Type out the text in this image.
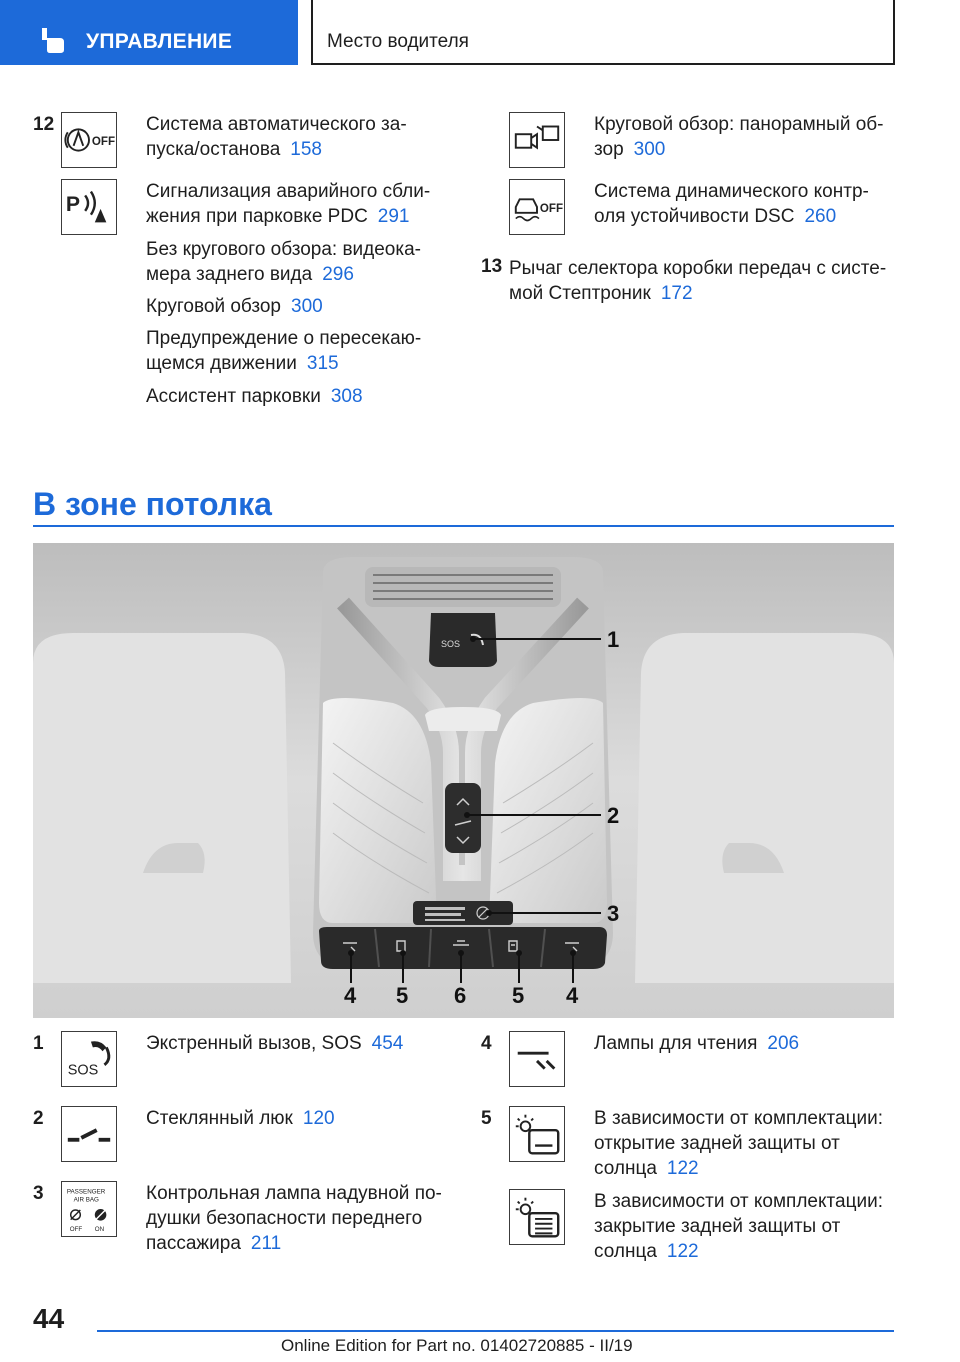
УПРАВЛЕНИЕ	Место водителя
12
OFF
Система автоматического за-
пуска/останова 158
P
Сигнализация аварийного сбли-
жения при парковке PDC 291
Без кругового обзора: видеока-
мера заднего вида 296
Круговой обзор 300
Предупреждение о пересекаю-
щемся движении 315
Ассистент парковки 308
Круговой обзор: панорамный об-
зор 300
OFF
Система динамического контр-
оля устойчивости DSC 260
13 Рычаг селектора коробки передач с систе-
мой Стептроник 172
В зоне потолка
SOS	1
2
3
4 5 6 5 4
1
SOS
Экстренный вызов, SOS 454
2	Стеклянный люк 120
3	PASSENGER
AIR BAG
OFF ON
Контрольная лампа надувной по-
душки безопасности переднего
пассажира 211
4	Лампы для чтения 206
5	В зависимости от комплектации:
открытие задней защиты от
солнца 122
В зависимости от комплектации:
закрытие задней защиты от
солнца 122
44
Online Edition for Part no. 01402720885 - II/19
